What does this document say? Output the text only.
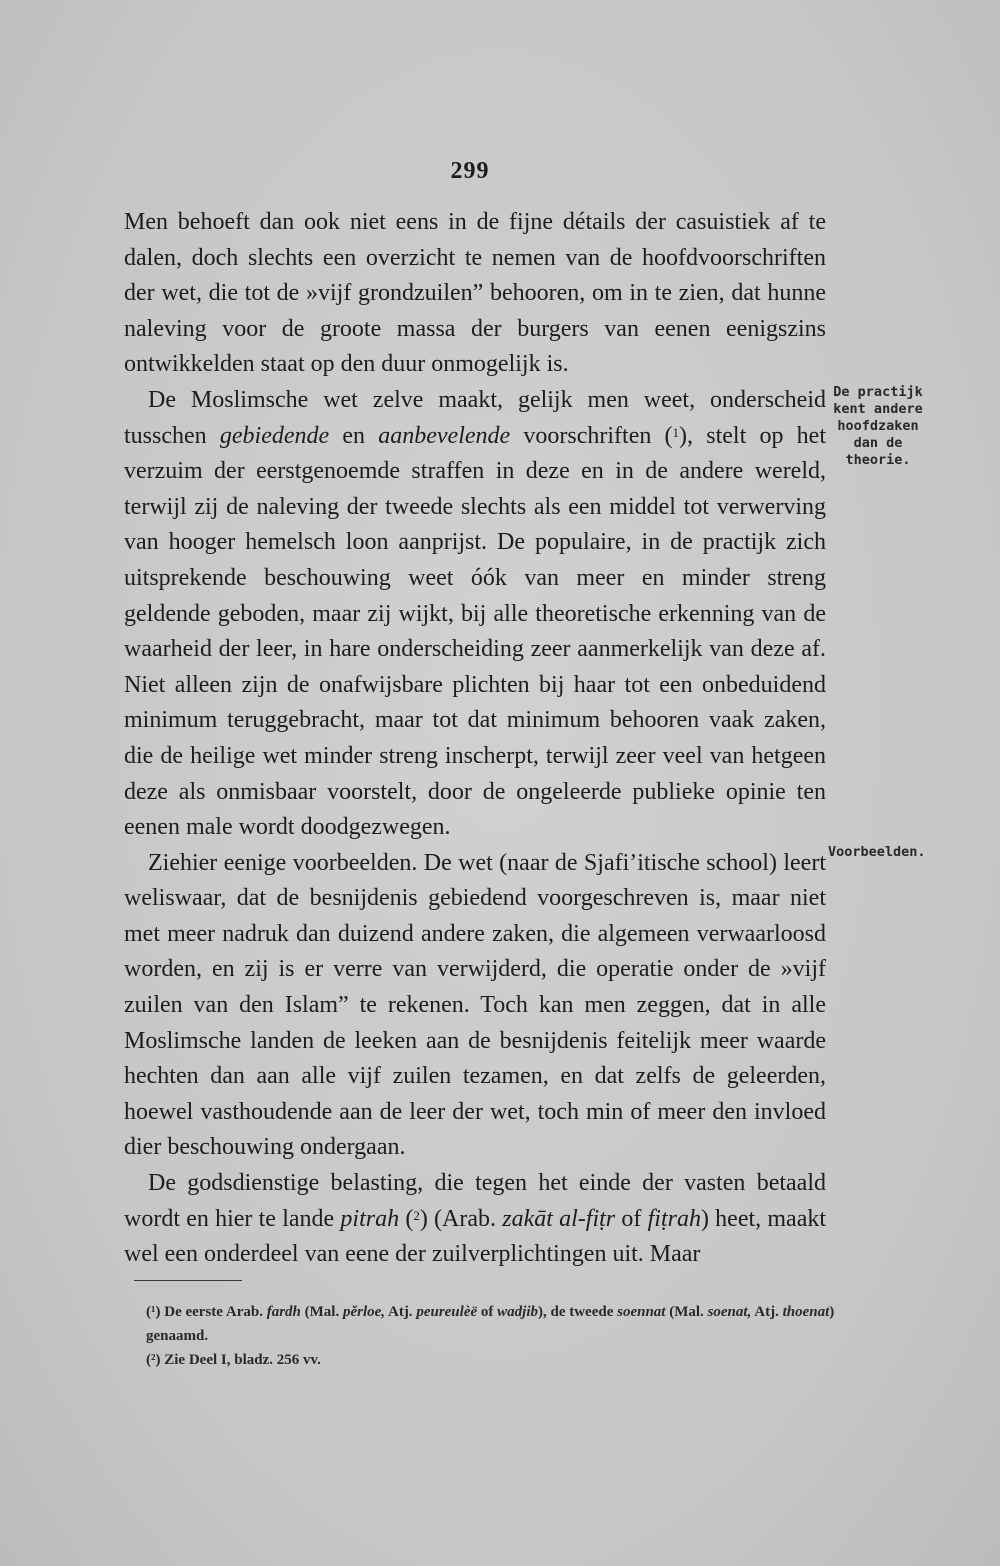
299

Men behoeft dan ook niet eens in de fijne détails der casuistiek af te dalen, doch slechts een overzicht te nemen van de hoofdvoorschriften der wet, die tot de »vijf grondzuilen” behooren, om in te zien, dat hunne naleving voor de groote massa der burgers van eenen eenigszins ontwikkelden staat op den duur onmogelijk is.

De Moslimsche wet zelve maakt, gelijk men weet, onderscheid tusschen gebiedende en aanbevelende voorschriften ($^1$), stelt op het verzuim der eerstgenoemde straffen in deze en in de andere wereld, terwijl zij de naleving der tweede slechts als een middel tot verwerving van hooger hemelsch loon aanprijst. De populaire, in de practijk zich uitsprekende beschouwing weet óók van meer en minder streng geldende geboden, maar zij wijkt, bij alle theoretische erkenning van de waarheid der leer, in hare onderscheiding zeer aanmerkelijk van deze af. Niet alleen zijn de onafwijsbare plichten bij haar tot een onbeduidend minimum teruggebracht, maar tot dat minimum behooren vaak zaken, die de heilige wet minder streng inscherpt, terwijl zeer veel van hetgeen deze als onmisbaar voorstelt, door de ongeleerde publieke opinie ten eenen male wordt doodgezwegen.

Ziehier eenige voorbeelden. De wet (naar de Sjafi’itische school) leert weliswaar, dat de besnijdenis gebiedend voorgeschreven is, maar niet met meer nadruk dan duizend andere zaken, die algemeen verwaarloosd worden, en zij is er verre van verwijderd, die operatie onder de »vijf zuilen van den Islam” te rekenen. Toch kan men zeggen, dat in alle Moslimsche landen de leeken aan de besnijdenis feitelijk meer waarde hechten dan aan alle vijf zuilen tezamen, en dat zelfs de geleerden, hoewel vasthoudende aan de leer der wet, toch min of meer den invloed dier beschouwing ondergaan.

De godsdienstige belasting, die tegen het einde der vasten betaald wordt en hier te lande pitrah ($^2$) (Arab. zakāt al-fiṭr of fiṭrah) heet, maakt wel een onderdeel van eene der zuilverplichtingen uit. Maar

De practijk
kent andere
hoofdzaken
dan de
theorie.
Voorbeelden.

(¹) De eerste Arab. fardh (Mal. pĕrloe, Atj. peureulèë of wadjib), de tweede soennat (Mal. soenat, Atj. thoenat) genaamd.

(²) Zie Deel I, bladz. 256 vv.
